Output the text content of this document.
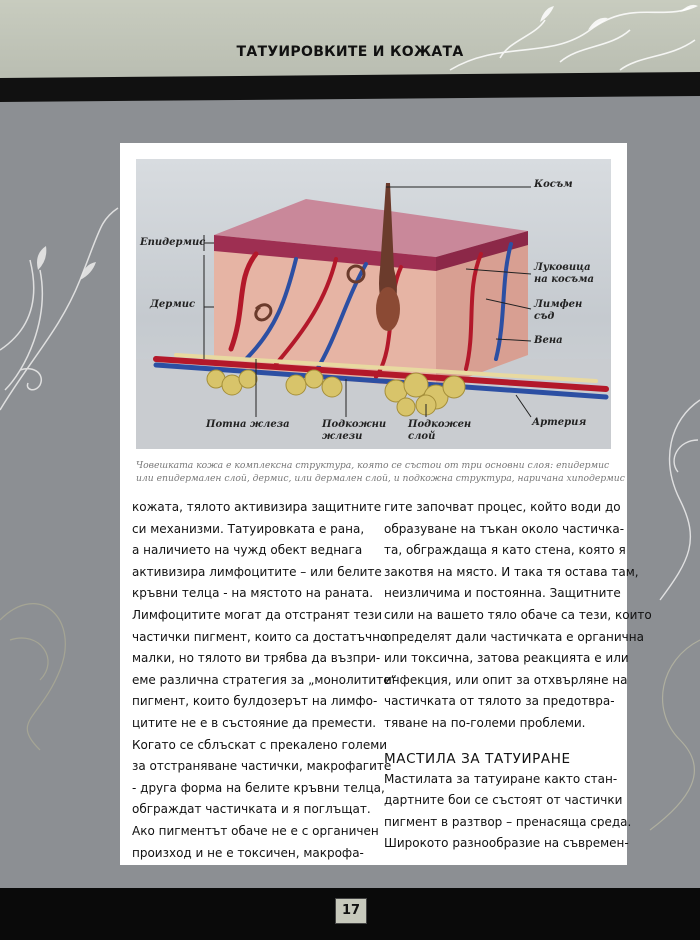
ТАТУИРОВКИТЕ И КОЖАТА
Косъм
Епидермис
Дермис
Луковица
на косъма
Лимфен
съд
Вена
Потна жлеза	Подкожни
жлези
Подкожен
слой
Артерия
Човешката кожа е комплексна структура, която се състои от три основни слоя: епидермис
или епидермален слой, дермис, или дермален слой, и подкожна структура, наричана хиподермис
кожата, тялото активизира защитните
си механизми. Татуировката е рана,
а наличието на чужд обект веднага
активизира лимфоцитите – или белите
кръвни телца - на мястото на раната.
Лимфоцитите могат да отстранят тези
частички пигмент, които са достатъчно
малки, но тялото ви трябва да възпри-
еме различна стратегия за „монолитите“
пигмент, които булдозерът на лимфо-
цитите не е в състояние да премести.
Когато се сблъскат с прекалено големи
за отстраняване частички, макрофагите
- друга форма на белите кръвни телца,
обграждат частичката и я поглъщат.
Ако пигментът обаче не е с органичен
произход и не е токсичен, макрофа-
гите започват процес, който води до
образуване на тъкан около частичка-
та, обграждаща я като стена, която я
закотвя на място. И така тя остава там,
неизличима и постоянна. Защитните
сили на вашето тяло обаче са тези, които
определят дали частичката е органична
или токсична, затова реакцията е или
инфекция, или опит за отхвърляне на
частичката от тялото за предотвра-
тяване на по-големи проблеми.
МАСТИЛА ЗА ТАТУИРАНЕ
Мастилата за татуиране както стан-
дартните бои се състоят от частички
пигмент в разтвор – пренасяща среда.
Широкото разнообразие на съвремен-
17
